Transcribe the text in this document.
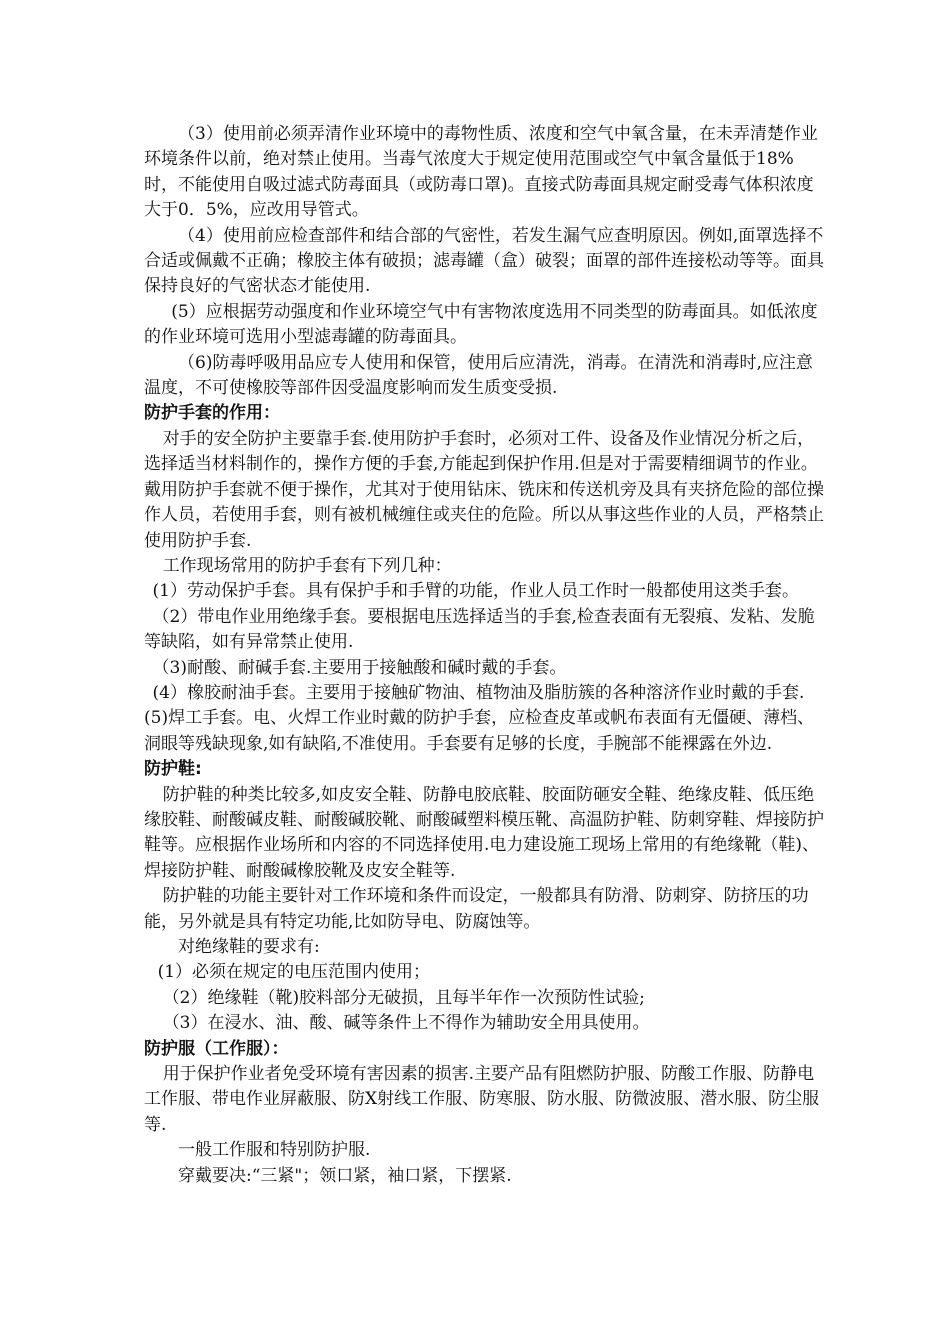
（3）使用前必须弄清作业环境中的毒物性质、浓度和空气中氧含量，在未弄清楚作业环境条件以前，绝对禁止使用。当毒气浓度大于规定使用范围或空气中氧含量低于18%时，不能使用自吸过滤式防毒面具（或防毒口罩)。直接式防毒面具规定耐受毒气体积浓度大于0．5%，应改用导管式。

（4）使用前应检查部件和结合部的气密性，若发生漏气应查明原因。例如,面罩选择不合适或佩戴不正确；橡胶主体有破损；滤毒罐（盒）破裂；面罩的部件连接松动等等。面具保持良好的气密状态才能使用.

(5）应根据劳动强度和作业环境空气中有害物浓度选用不同类型的防毒面具。如低浓度的作业环境可选用小型滤毒罐的防毒面具。

（6)防毒呼吸用品应专人使用和保管，使用后应清洗，消毒。在清洗和消毒时,应注意温度，不可使橡胶等部件因受温度影响而发生质变受损.

防护手套的作用：

对手的安全防护主要靠手套.使用防护手套时，必须对工件、设备及作业情况分析之后，选择适当材料制作的，操作方便的手套,方能起到保护作用.但是对于需要精细调节的作业。戴用防护手套就不便于操作，尤其对于使用钻床、铣床和传送机旁及具有夹挤危险的部位操作人员，若使用手套，则有被机械缠住或夹住的危险。所以从事这些作业的人员，严格禁止使用防护手套.

工作现场常用的防护手套有下列几种：

(1）劳动保护手套。具有保护手和手臂的功能，作业人员工作时一般都使用这类手套。

（2）带电作业用绝缘手套。要根据电压选择适当的手套,检查表面有无裂痕、发粘、发脆等缺陷，如有异常禁止使用.

（3)耐酸、耐碱手套.主要用于接触酸和碱时戴的手套。

(4）橡胶耐油手套。主要用于接触矿物油、植物油及脂肪簇的各种溶济作业时戴的手套.　(5)焊工手套。电、火焊工作业时戴的防护手套，应检查皮革或帆布表面有无僵硬、薄档、洞眼等残缺现象,如有缺陷,不准使用。手套要有足够的长度，手腕部不能裸露在外边.

防护鞋:

防护鞋的种类比较多,如皮安全鞋、防静电胶底鞋、胶面防砸安全鞋、绝缘皮鞋、低压绝缘胶鞋、耐酸碱皮鞋、耐酸碱胶靴、耐酸碱塑料模压靴、高温防护鞋、防刺穿鞋、焊接防护鞋等。应根据作业场所和内容的不同选择使用.电力建设施工现场上常用的有绝缘靴（鞋)、焊接防护鞋、耐酸碱橡胶靴及皮安全鞋等.

防护鞋的功能主要针对工作环境和条件而设定，一般都具有防滑、防刺穿、防挤压的功能，另外就是具有特定功能,比如防导电、防腐蚀等。

对绝缘鞋的要求有:

(1）必须在规定的电压范围内使用；

（2）绝缘鞋（靴)胶料部分无破损，且每半年作一次预防性试验;

（3）在浸水、油、酸、碱等条件上不得作为辅助安全用具使用。

防护服（工作服）：

用于保护作业者免受环境有害因素的损害.主要产品有阻燃防护服、防酸工作服、防静电工作服、带电作业屏蔽服、防X射线工作服、防寒服、防水服、防微波服、潜水服、防尘服等.

一般工作服和特别防护服.

穿戴要决:“三紧"；领口紧，袖口紧，下摆紧.
